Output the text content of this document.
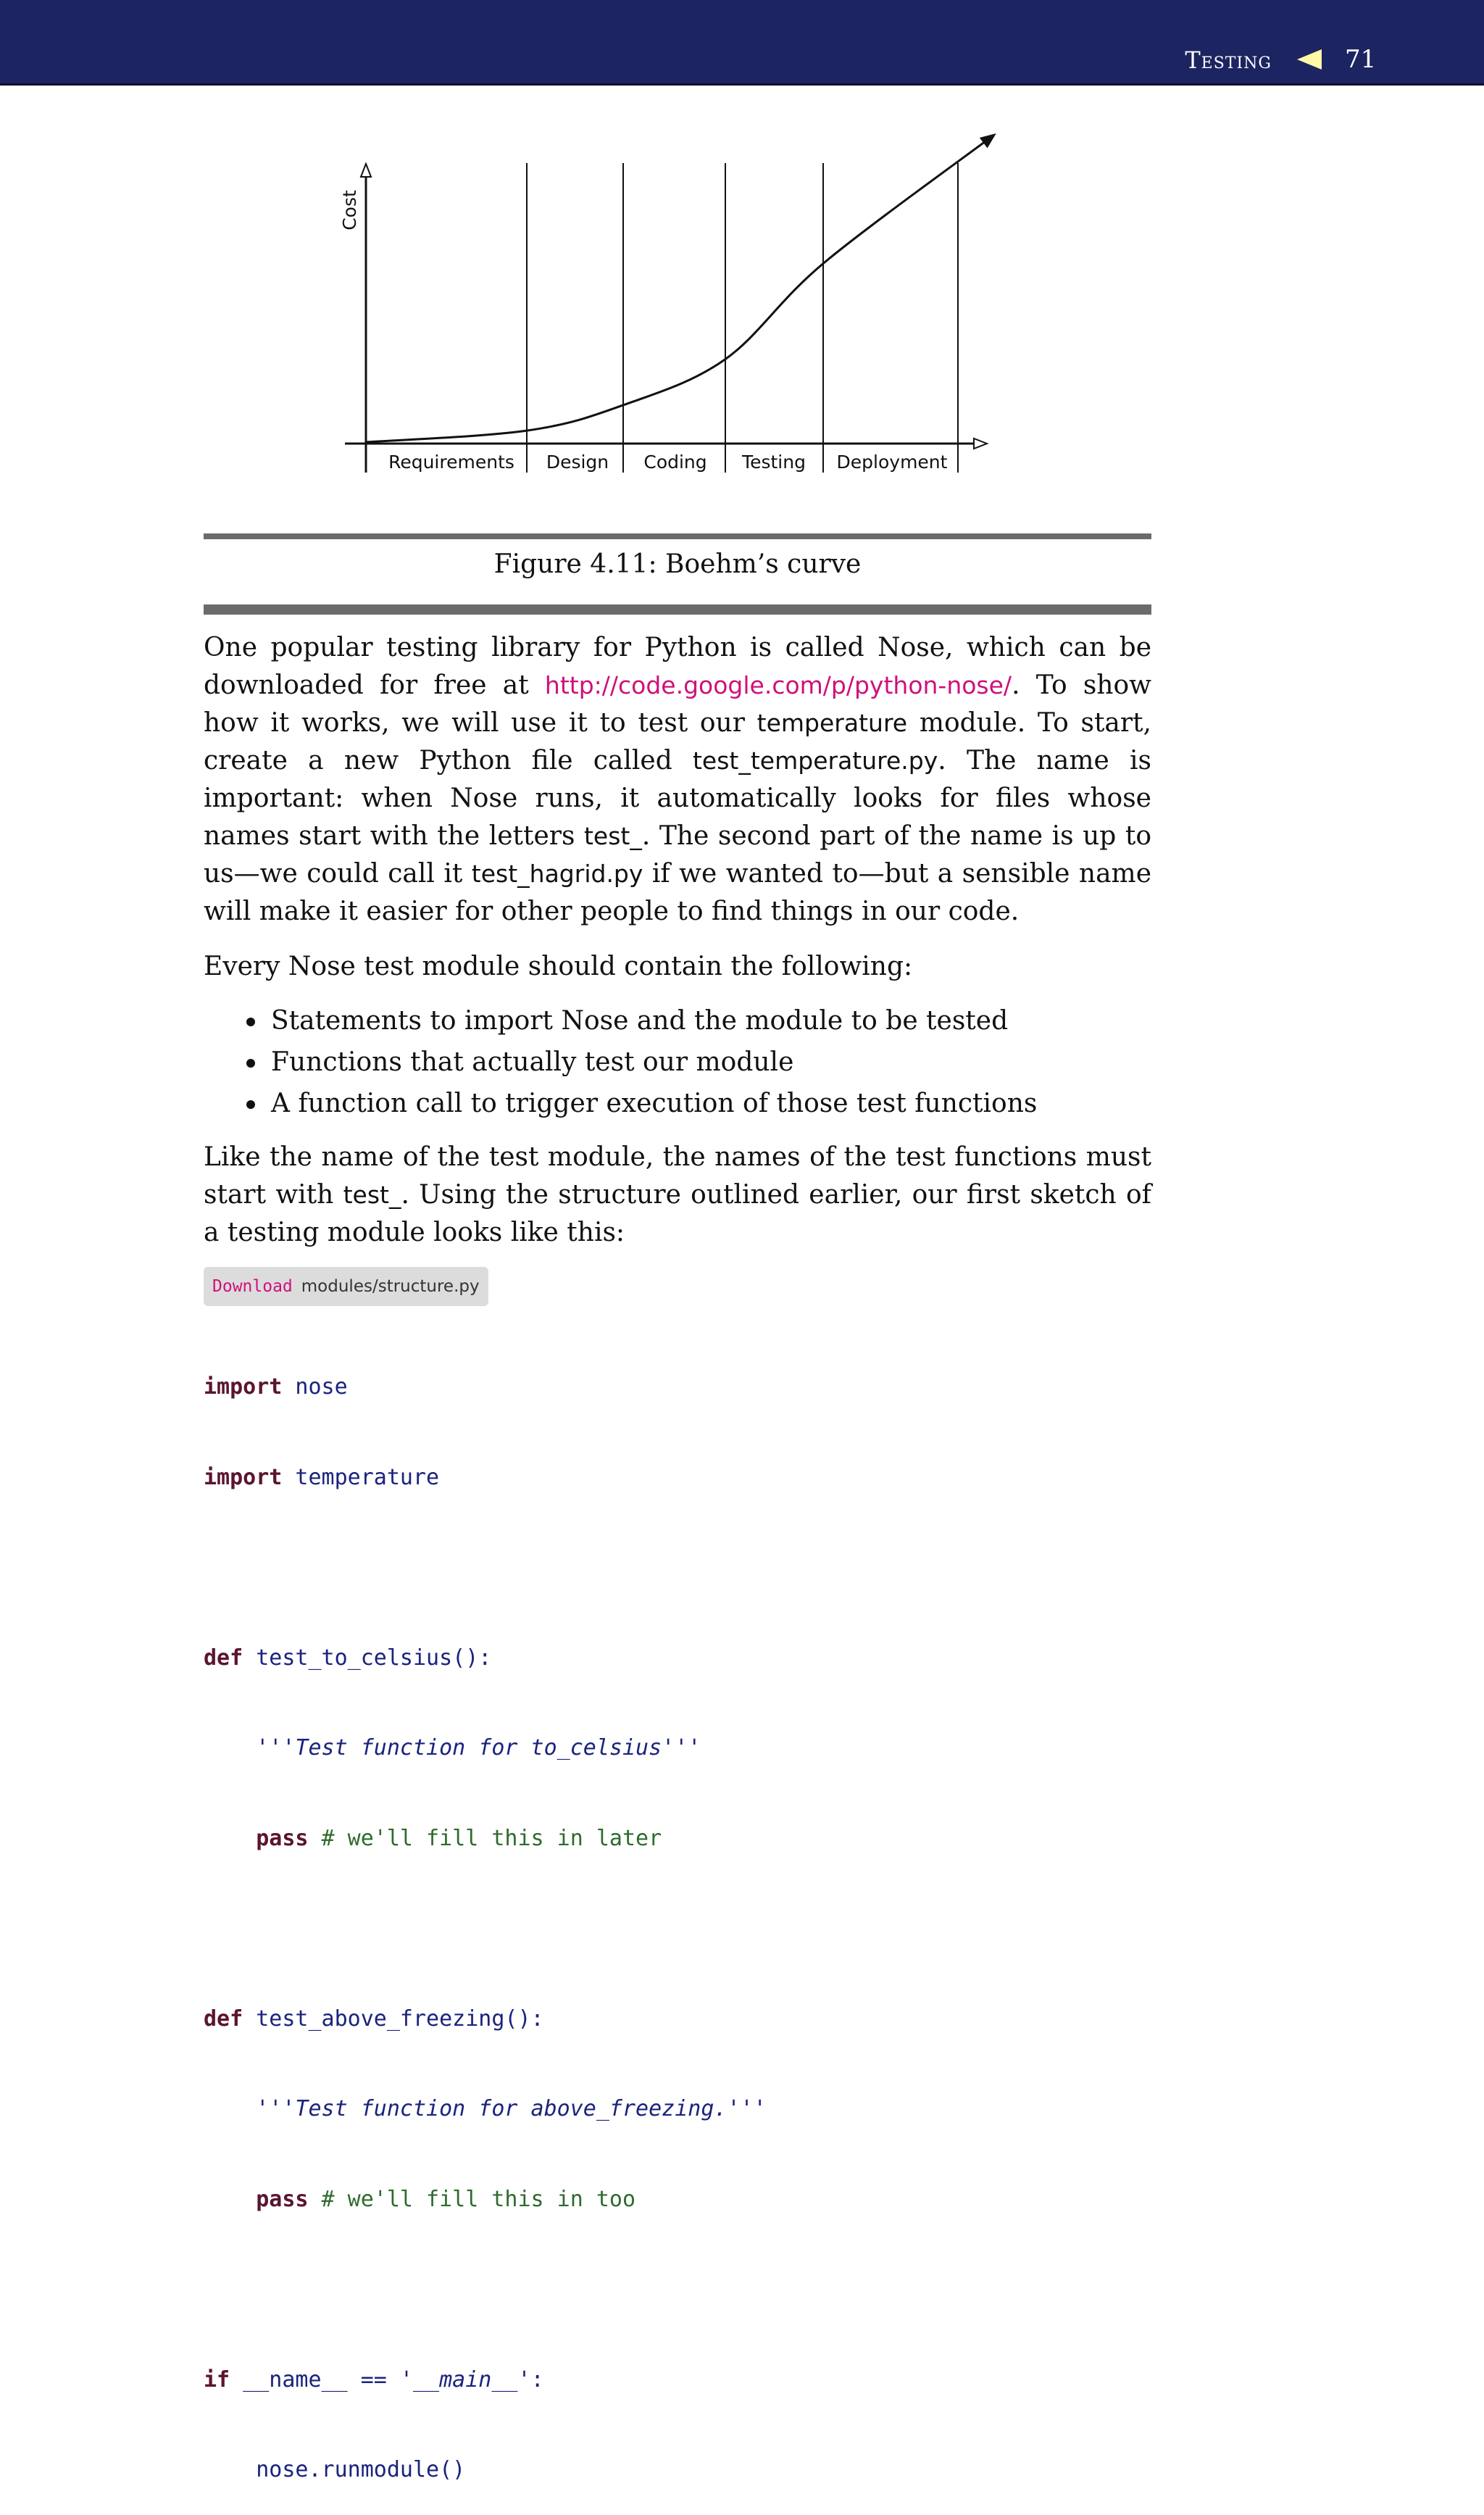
Testing	71
Cost
Requirements Design Coding Testing Deployment
Figure 4.11: Boehm’s curve

One popular testing library for Python is called Nose, which can be downloaded for free at http://code.google.com/p/python-nose/. To show how it works, we will use it to test our temperature module. To start, create a new Python file called test_temperature.py. The name is important: when Nose runs, it automatically looks for files whose names start with the letters test_. The second part of the name is up to us—we could call it test_hagrid.py if we wanted to—but a sensible name will make it easier for other people to find things in our code.

Every Nose test module should contain the following:

Statements to import Nose and the module to be tested
Functions that actually test our module
A function call to trigger execution of those test functions

Like the name of the test module, the names of the test functions must start with test_. Using the structure outlined earlier, our first sketch of a testing module looks like this:

Download modules/structure.py

import nose

import temperature

def test_to_celsius():

'''Test function for to_celsius'''

pass # we'll fill this in later

def test_above_freezing():

'''Test function for above_freezing.'''

pass # we'll fill this in too

if __name__ == '__main__':

nose.runmodule()
